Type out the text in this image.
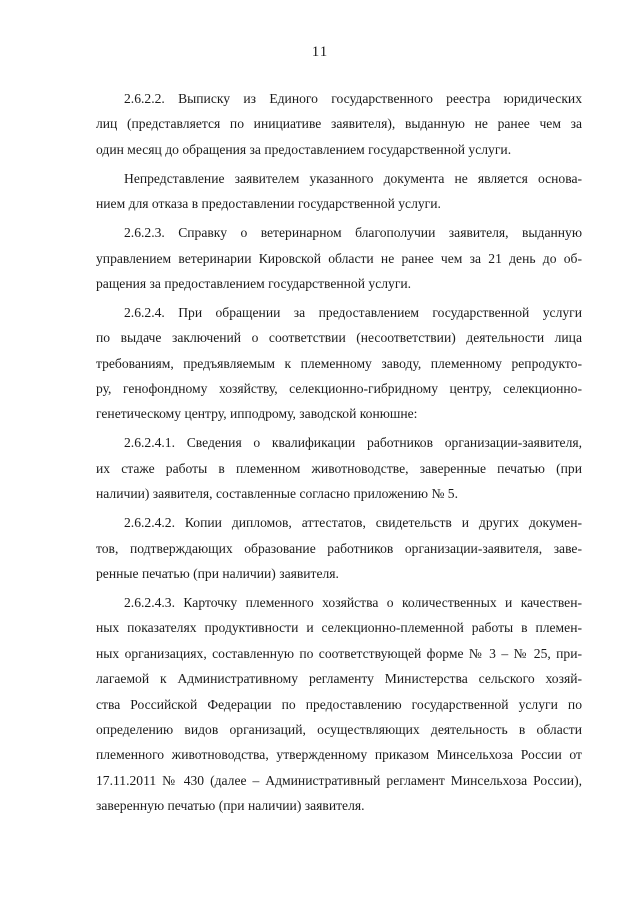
11

2.6.2.2. Выписку из Единого государственного реестра юридических
лиц (представляется по инициативе заявителя), выданную не ранее чем за
один месяц до обращения за предоставлением государственной услуги.

Непредставление заявителем указанного документа не является основа-
нием для отказа в предоставлении государственной услуги.

2.6.2.3. Справку о ветеринарном благополучии заявителя, выданную
управлением ветеринарии Кировской области не ранее чем за 21 день до об-
ращения за предоставлением государственной услуги.

2.6.2.4. При обращении за предоставлением государственной услуги
по выдаче заключений о соответствии (несоответствии) деятельности лица
требованиям, предъявляемым к племенному заводу, племенному репродукто-
ру, генофондному хозяйству, селекционно-гибридному центру, селекционно-
генетическому центру, ипподрому, заводской конюшне:

2.6.2.4.1. Сведения о квалификации работников организации-заявителя,
их стаже работы в племенном животноводстве, заверенные печатью (при
наличии) заявителя, составленные согласно приложению № 5.

2.6.2.4.2. Копии дипломов, аттестатов, свидетельств и других докумен-
тов, подтверждающих образование работников организации-заявителя, заве-
ренные печатью (при наличии) заявителя.

2.6.2.4.3. Карточку племенного хозяйства о количественных и качествен-
ных показателях продуктивности и селекционно-племенной работы в племен-
ных организациях, составленную по соответствующей форме № 3 – № 25, при-
лагаемой к Административному регламенту Министерства сельского хозяй-
ства Российской Федерации по предоставлению государственной услуги по
определению видов организаций, осуществляющих деятельность в области
племенного животноводства, утвержденному приказом Минсельхоза России от
17.11.2011 № 430 (далее – Административный регламент Минсельхоза России),
заверенную печатью (при наличии) заявителя.
